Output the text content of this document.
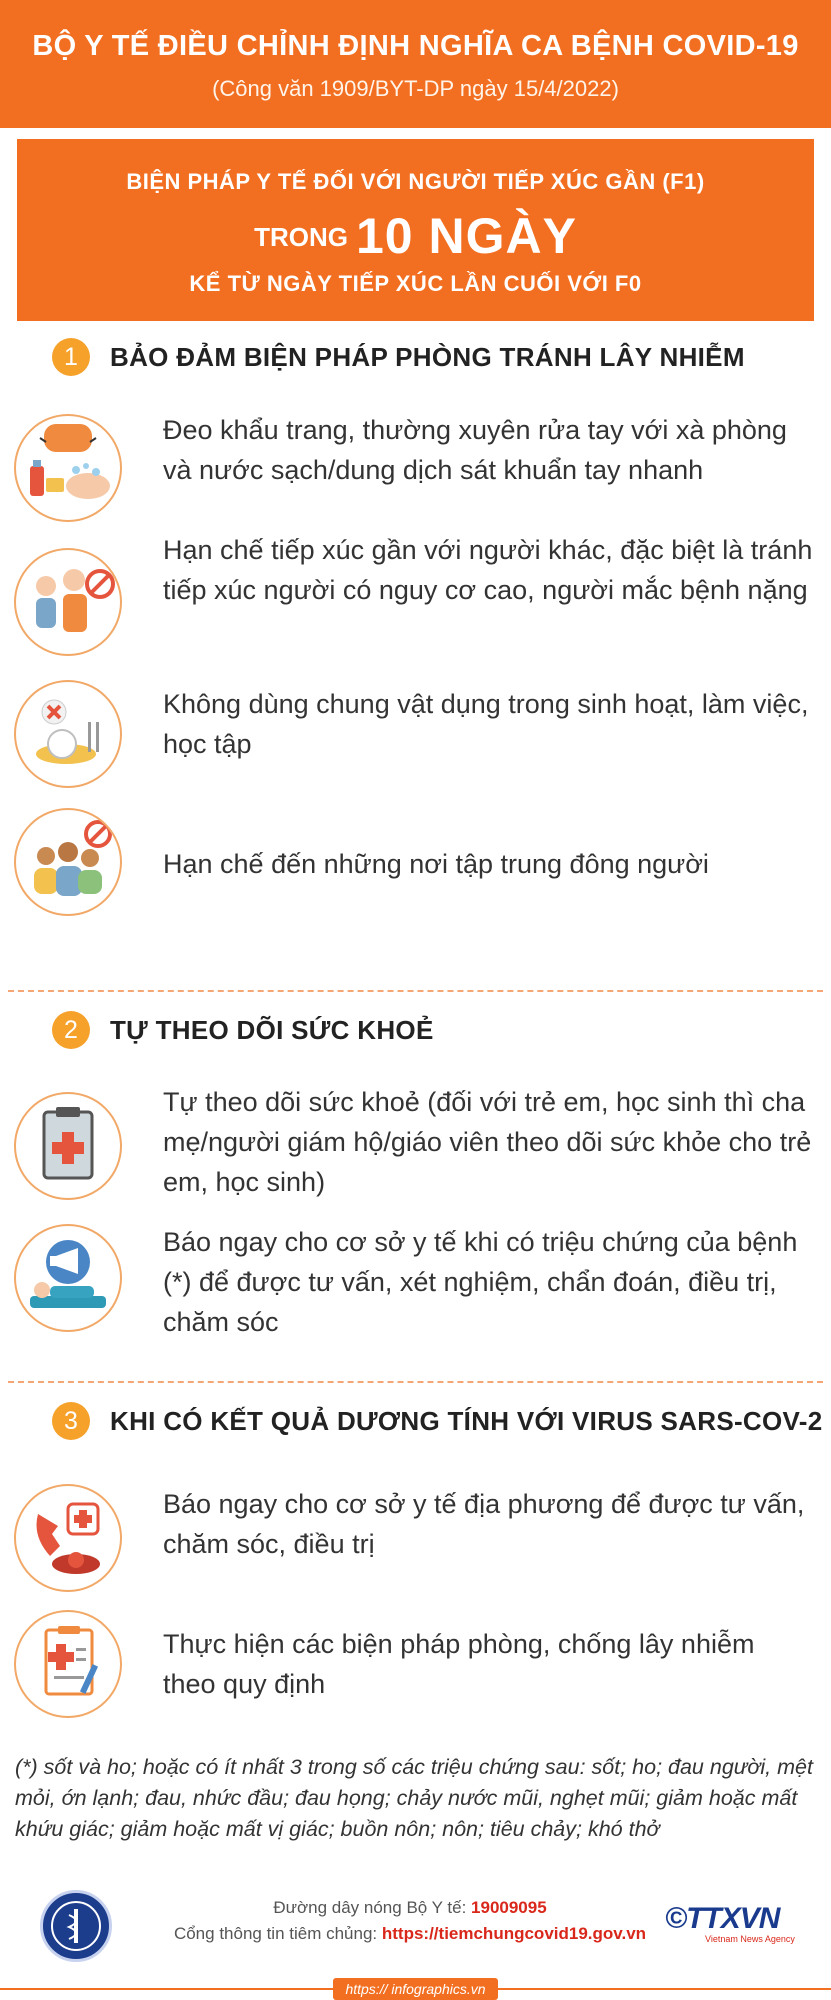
BỘ Y TẾ ĐIỀU CHỈNH ĐỊNH NGHĨA CA BỆNH COVID-19
(Công văn 1909/BYT-DP ngày 15/4/2022)
BIỆN PHÁP Y TẾ ĐỐI VỚI NGƯỜI TIẾP XÚC GẦN (F1)
TRONG 10 NGÀY
KỂ TỪ NGÀY TIẾP XÚC LẦN CUỐI VỚI F0
1	BẢO ĐẢM BIỆN PHÁP PHÒNG TRÁNH LÂY NHIỄM
Đeo khẩu trang, thường xuyên rửa tay với xà phòng và nước sạch/dung dịch sát khuẩn tay nhanh
Hạn chế tiếp xúc gần với người khác, đặc biệt là tránh tiếp xúc người có nguy cơ cao, người mắc bệnh nặng
Không dùng chung vật dụng trong sinh hoạt, làm việc, học tập
Hạn chế đến những nơi tập trung đông người
2	TỰ THEO DÕI SỨC KHOẺ
Tự theo dõi sức khoẻ (đối với trẻ em, học sinh thì cha mẹ/người giám hộ/giáo viên theo dõi sức khỏe cho trẻ em, học sinh)
Báo ngay cho cơ sở y tế khi có triệu chứng của bệnh (*) để được tư vấn, xét nghiệm, chẩn đoán, điều trị, chăm sóc
3	KHI CÓ KẾT QUẢ DƯƠNG TÍNH VỚI VIRUS SARS-COV-2
Báo ngay cho cơ sở y tế địa phương để được tư vấn, chăm sóc, điều trị
Thực hiện các biện pháp phòng, chống lây nhiễm theo quy định
(*) sốt và ho; hoặc có ít nhất 3 trong số các triệu chứng sau: sốt; ho; đau người, mệt mỏi, ớn lạnh; đau, nhức đầu; đau họng; chảy nước mũi, nghẹt mũi; giảm hoặc mất khứu giác; giảm hoặc mất vị giác; buồn nôn; nôn; tiêu chảy; khó thở
Đường dây nóng Bộ Y tế: 19009095
Cổng thông tin tiêm chủng: https://tiemchungcovid19.gov.vn ©TTXVN
Vietnam News Agency
https:// infographics.vn
